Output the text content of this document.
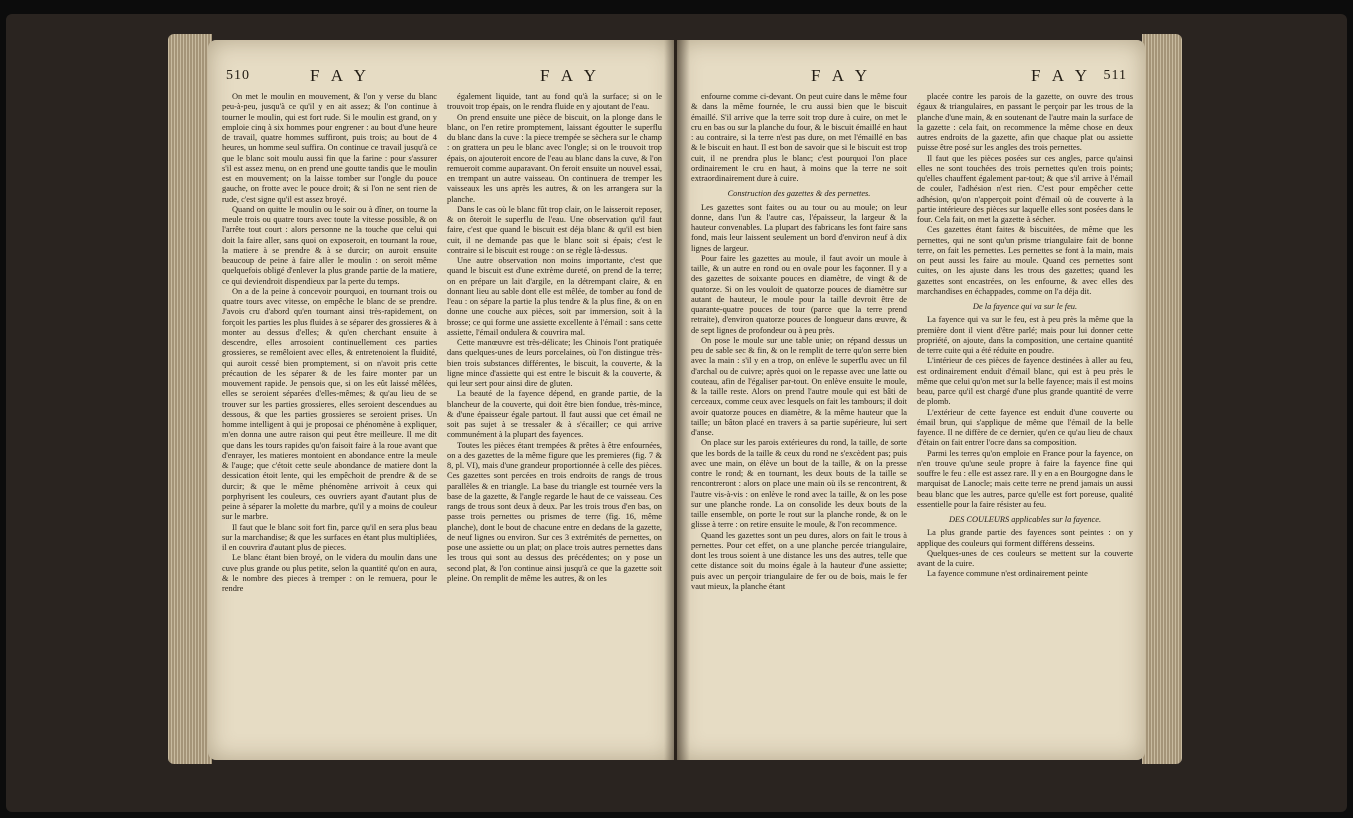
510	F A Y	F A Y

On met le moulin en mouvement, & l'on y verse du blanc peu-à-peu, jusqu'à ce qu'il y en ait assez; & l'on continue à tourner le moulin, qui est fort rude. Si le moulin est grand, on y emploie cinq à six hommes pour engrener : au bout d'une heure de travail, quatre hommes suffiront, puis trois; au bout de 4 heures, un homme seul suffira. On continue ce travail jusqu'à ce que le blanc soit moulu aussi fin que la farine : pour s'assurer s'il est assez menu, on en prend une goutte tandis que le moulin est en mouvement; on la laisse tomber sur l'ongle du pouce gauche, on frotte avec le pouce droit; & si l'on ne sent rien de rude, c'est signe qu'il est assez broyé.

Quand on quitte le moulin ou le soir ou à dîner, on tourne la meule trois ou quatre tours avec toute la vitesse possible, & on l'arrête tout court : alors personne ne la touche que celui qui doit la faire aller, sans quoi on exposeroit, en tournant la roue, la matiere à se prendre & à se durcir; on auroit ensuite beaucoup de peine à faire aller le moulin : on seroit même quelquefois obligé d'enlever la plus grande partie de la matiere, ce qui deviendroit dispendieux par la perte du temps.

On a de la peine à concevoir pourquoi, en tournant trois ou quatre tours avec vitesse, on empêche le blanc de se prendre. J'avois cru d'abord qu'en tournant ainsi très-rapidement, on forçoit les parties les plus fluides à se séparer des grossieres & à monter au dessus d'elles; & qu'en cherchant ensuite à descendre, elles arrosoient continuellement ces parties grossieres, se remêloient avec elles, & entretenoient la fluidité, qui auroit cessé bien promptement, si on n'avoit pris cette précaution de les séparer & de les faire monter par un mouvement rapide. Je pensois que, si on les eût laissé mêlées, elles se seroient séparées d'elles-mêmes; & qu'au lieu de se trouver sur les parties grossieres, elles seroient descendues au dessous, & que les parties grossieres se seroient prises. Un homme intelligent à qui je proposai ce phénomène à expliquer, m'en donna une autre raison qui peut être meilleure. Il me dit que dans les tours rapides qu'on faisoit faire à la roue avant que d'enrayer, les matieres montoient en abondance entre la meule & l'auge; que c'étoit cette seule abondance de matiere dont la dessication étoit lente, qui les empêchoit de prendre & de se durcir; & que le même phénomène arrivoit à ceux qui porphyrisent les couleurs, ces ouvriers ayant d'autant plus de peine à séparer la molette du marbre, qu'il y a moins de couleur sur le marbre.

Il faut que le blanc soit fort fin, parce qu'il en sera plus beau sur la marchandise; & que les surfaces en étant plus multipliées, il en couvrira d'autant plus de pieces.

Le blanc étant bien broyé, on le videra du moulin dans une cuve plus grande ou plus petite, selon la quantité qu'on en aura, & le nombre des pieces à tremper : on le remuera, pour le rendre

également liquide, tant au fond qu'à la surface; si on le trouvoit trop épais, on le rendra fluide en y ajoutant de l'eau.

On prend ensuite une pièce de biscuit, on la plonge dans le blanc, on l'en retire promptement, laissant égoutter le superflu du blanc dans la cuve : la piece trempée se sèchera sur le champ : on grattera un peu le blanc avec l'ongle; si on le trouvoit trop épais, on ajouteroit encore de l'eau au blanc dans la cuve, & l'on remueroit comme auparavant. On feroit ensuite un nouvel essai, en trempant un autre vaisseau. On continuera de tremper les vaisseaux les uns après les autres, & on les arrangera sur la planche.

Dans le cas où le blanc fût trop clair, on le laisseroit reposer, & on ôteroit le superflu de l'eau. Une observation qu'il faut faire, c'est que quand le biscuit est déja blanc & qu'il est bien cuit, il ne demande pas que le blanc soit si épais; c'est le contraire si le biscuit est rouge : on se règle là-dessus.

Une autre observation non moins importante, c'est que quand le biscuit est d'une extrème dureté, on prend de la terre; on en prépare un lait d'argile, en la détrempant claire, & en donnant lieu au sable dont elle est mêlée, de tomber au fond de l'eau : on sépare la partie la plus tendre & la plus fine, & on en donne une couche aux pièces, soit par immersion, soit à la brosse; ce qui forme une assiette excellente à l'émail : sans cette assiette, l'émail ondulera & couvrira mal.

Cette manœuvre est très-délicate; les Chinois l'ont pratiquée dans quelques-unes de leurs porcelaines, où l'on distingue très-bien trois substances différentes, le biscuit, la couverte, & la ligne mince d'assiette qui est entre le biscuit & la couverte, & qui leur sert pour ainsi dire de gluten.

La beauté de la fayence dépend, en grande partie, de la blancheur de la couverte, qui doit être bien fondue, très-mince, & d'une épaisseur égale partout. Il faut aussi que cet émail ne soit pas sujet à se tressaler & à s'écailler; ce qui arrive communément à la plupart des fayences.

Toutes les pièces étant trempées & prêtes à être enfournées, on a des gazettes de la même figure que les premieres (fig. 7 & 8, pl. VI), mais d'une grandeur proportionnée à celle des pièces. Ces gazettes sont percées en trois endroits de rangs de trous parallèles & en triangle. La base du triangle est tournée vers la base de la gazette, & l'angle regarde le haut de ce vaisseau. Ces rangs de trous sont deux à deux. Par les trois trous d'en bas, on passe trois pernettes ou prismes de terre (fig. 16, même planche), dont le bout de chacune entre en dedans de la gazette, de neuf lignes ou environ. Sur ces 3 extrémités de pernettes, on pose une assiette ou un plat; on place trois autres pernettes dans les trous qui sont au dessus des précédentes; on y pose un second plat, & l'on continue ainsi jusqu'à ce que la gazette soit pleine. On remplit de même les autres, & on les

F A Y	F A Y 511

enfourne comme ci-devant. On peut cuire dans le même four & dans la même fournée, le cru aussi bien que le biscuit émaillé. S'il arrive que la terre soit trop dure à cuire, on met le cru en bas ou sur la planche du four, & le biscuit émaillé en haut : au contraire, si la terre n'est pas dure, on met l'émaillé en bas & le biscuit en haut. Il est bon de savoir que si le biscuit est trop cuit, il ne prendra plus le blanc; c'est pourquoi l'on place ordinairement le cru en haut, à moins que la terre ne soit extraordinairement dure à cuire.

Construction des gazettes & des pernettes.

Les gazettes sont faites ou au tour ou au moule; on leur donne, dans l'un & l'autre cas, l'épaisseur, la largeur & la hauteur convenables. La plupart des fabricans les font faire sans fond, mais leur laissent seulement un bord d'environ neuf à dix lignes de largeur.

Pour faire les gazettes au moule, il faut avoir un moule à taille, & un autre en rond ou en ovale pour les façonner. Il y a des gazettes de soixante pouces en diamètre, de vingt & de quatorze. Si on les vouloit de quatorze pouces de diamètre sur autant de hauteur, le moule pour la taille devroit être de quarante-quatre pouces de tour (parce que la terre prend retraite), d'environ quatorze pouces de longueur dans œuvre, & de sept lignes de profondeur ou à peu près.

On pose le moule sur une table unie; on répand dessus un peu de sable sec & fin, & on le remplit de terre qu'on serre bien avec la main : s'il y en a trop, on enlève le superflu avec un fil d'archal ou de cuivre; après quoi on le repasse avec une latte ou couteau, afin de l'égaliser par-tout. On enlève ensuite le moule, & la taille reste. Alors on prend l'autre moule qui est bâti de cerceaux, comme ceux avec lesquels on fait les tambours; il doit avoir quatorze pouces en diamètre, & la même hauteur que la taille; un bâton placé en travers à sa partie supérieure, lui sert d'anse.

On place sur les parois extérieures du rond, la taille, de sorte que les bords de la taille & ceux du rond ne s'excèdent pas; puis avec une main, on élève un bout de la taille, & on la presse contre le rond; & en tournant, les deux bouts de la taille se rencontreront : alors on place une main où ils se rencontrent, & l'autre vis-à-vis : on enlève le rond avec la taille, & on les pose sur une planche ronde. La on consolide les deux bouts de la taille ensemble, on porte le rout sur la planche ronde, & on le glisse à terre : on retire ensuite le moule, & l'on recommence.

Quand les gazettes sont un peu dures, alors on fait le trous à pernettes. Pour cet effet, on a une planche percée triangulaire, dont les trous soient à une distance les uns des autres, telle que cette distance soit du moins égale à la hauteur d'une assiette; puis avec un perçoir triangulaire de fer ou de bois, mais le fer vaut mieux, la planche étant

placée contre les parois de la gazette, on ouvre des trous égaux & triangulaires, en passant le perçoir par les trous de la planche d'une main, & en soutenant de l'autre main la surface de la gazette : cela fait, on recommence la même chose en deux autres endroits de la gazette, afin que chaque plat ou assiette puisse être posé sur les angles des trois pernettes.

Il faut que les pièces posées sur ces angles, parce qu'ainsi elles ne sont touchées des trois pernettes qu'en trois points; qu'elles chauffent également par-tout; & que s'il arrive à l'émail de couler, l'adhésion n'est rien. C'est pour empêcher cette adhésion, qu'on n'apperçoit point d'émail où de couverte à la partie intérieure des pièces sur laquelle elles sont posées dans le four. Cela fait, on met la gazette à sécher.

Ces gazettes étant faites & biscuitées, de même que les pernettes, qui ne sont qu'un prisme triangulaire fait de bonne terre, on fait les pernettes. Les pernettes se font à la main, mais on peut aussi les faire au moule. Quand ces pernettes sont cuites, on les ajuste dans les trous des gazettes; quand les gazettes sont encastrées, on les enfourne, & avec elles des marchandises en échappades, comme on l'a déja dit.

De la fayence qui va sur le feu.

La fayence qui va sur le feu, est à peu près la même que la première dont il vient d'être parlé; mais pour lui donner cette propriété, on ajoute, dans la composition, une certaine quantité de terre cuite qui a été réduite en poudre.

L'intérieur de ces pièces de fayence destinées à aller au feu, est ordinairement enduit d'émail blanc, qui est à peu près le même que celui qu'on met sur la belle fayence; mais il est moins beau, parce qu'il est chargé d'une plus grande quantité de verre de plomb.

L'extérieur de cette fayence est enduit d'une couverte ou émail brun, qui s'applique de même que l'émail de la belle fayence. Il ne diffère de ce dernier, qu'en ce qu'au lieu de chaux d'étain on fait entrer l'ocre dans sa composition.

Parmi les terres qu'on emploie en France pour la fayence, on n'en trouve qu'une seule propre à faire la fayence fine qui souffre le feu : elle est assez rare. Il y en a en Bourgogne dans le marquisat de Lanocle; mais cette terre ne prend jamais un aussi beau blanc que les autres, parce qu'elle est fort poreuse, qualité essentielle pour la faire résister au feu.

DES COULEURS applicables sur la fayence.

La plus grande partie des fayences sont peintes : on y applique des couleurs qui forment différens desseins.

Quelques-unes de ces couleurs se mettent sur la couverte avant de la cuire.

La fayence commune n'est ordinairement peinte
